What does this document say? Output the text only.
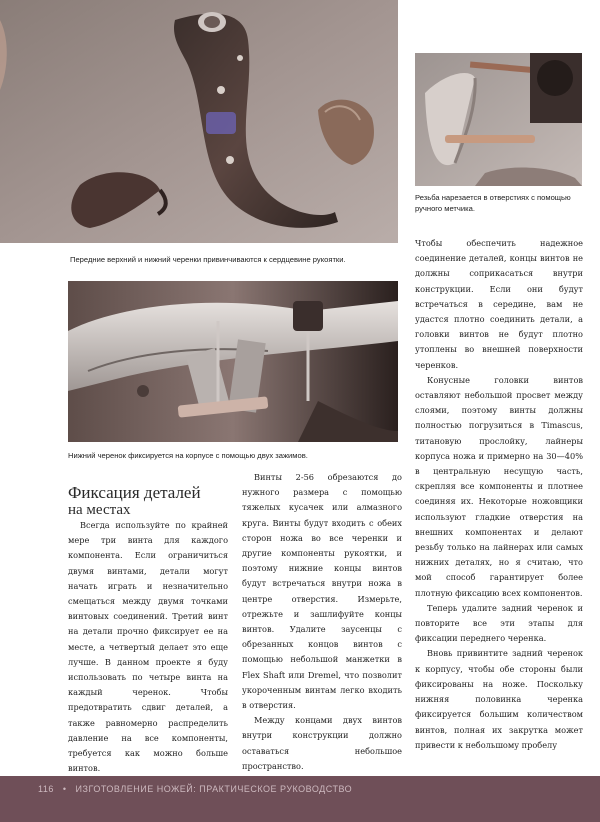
Резьба нарезается в отверстиях с помощью ручного метчика.
Передние верхний и нижний черенки привинчиваются к сердцевине рукоятки.
Нижний черенок фиксируется на корпусе с помощью двух зажимов.
Фиксация деталей
на местах

Всегда используйте по крайней мере три винта для каждого компонента. Если ограничиться двумя винтами, детали могут начать играть и незначительно смещаться между двумя точками винтовых соединений. Третий винт на детали прочно фиксирует ее на месте, а четвертый делает это еще лучше. В данном проекте я буду использовать по четыре винта на каждый черенок. Чтобы предотвратить сдвиг деталей, а также равномерно распределить давление на все компоненты, требуется как можно больше винтов.

Винты 2-56 обрезаются до нужного размера с помощью тяжелых кусачек или алмазного круга. Винты будут входить с обеих сторон ножа во все черенки и другие компоненты рукоятки, и поэтому нижние концы винтов будут встречаться внутри ножа в центре отверстия. Измерьте, отрежьте и зашлифуйте концы винтов. Удалите заусенцы с обрезанных концов винтов с помощью небольшой манжетки в Flex Shaft или Dremel, что позволит укороченным винтам легко входить в отверстия.

Между концами двух винтов внутри конструкции должно оставаться небольшое пространство.

Чтобы обеспечить надежное соединение деталей, концы винтов не должны соприкасаться внутри конструкции. Если они будут встречаться в середине, вам не удастся плотно соединить детали, а головки винтов не будут плотно утоплены во внешней поверхности черенков.

Конусные головки винтов оставляют небольшой просвет между слоями, поэтому винты должны полностью погрузиться в Timascus, титановую прослойку, лайнеры корпуса ножа и примерно на 30—40% в центральную несущую часть, скрепляя все компоненты и плотнее соединяя их. Некоторые ножовщики используют гладкие отверстия на внешних компонентах и делают резьбу только на лайнерах или самых нижних деталях, но я считаю, что мой способ гарантирует более плотную фиксацию всех компонентов.

Теперь удалите задний черенок и повторите все эти этапы для фиксации переднего черенка.

Вновь привинтите задний черенок к корпусу, чтобы обе стороны были фиксированы на ноже. Поскольку нижняя половинка черенка фиксируется большим количеством винтов, полная их закрутка может привести к небольшому пробелу

116 • ИЗГОТОВЛЕНИЕ НОЖЕЙ: ПРАКТИЧЕСКОЕ РУКОВОДСТВО
